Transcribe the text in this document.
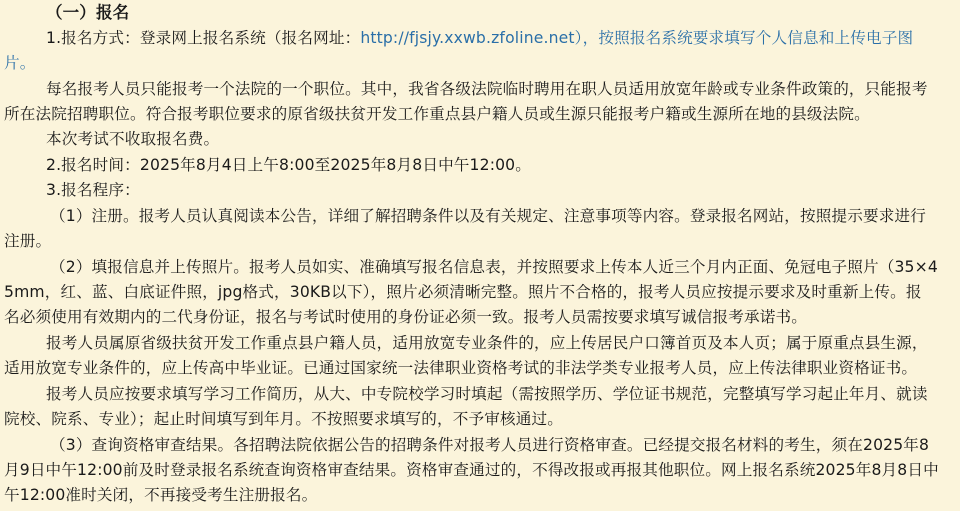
（一）报名
1.报名方式：登录网上报名系统（报名网址：http://fjsjy.xxwb.zfoline.net），按照报名系统要求填写个人信息和上传电子图
片。
每名报考人员只能报考一个法院的一个职位。其中，我省各级法院临时聘用在职人员适用放宽年龄或专业条件政策的，只能报考
所在法院招聘职位。符合报考职位要求的原省级扶贫开发工作重点县户籍人员或生源只能报考户籍或生源所在地的县级法院。
本次考试不收取报名费。
2.报名时间：2025年8月4日上午8:00至2025年8月8日中午12:00。
3.报名程序：
（1）注册。报考人员认真阅读本公告，详细了解招聘条件以及有关规定、注意事项等内容。登录报名网站，按照提示要求进行
注册。
（2）填报信息并上传照片。报考人员如实、准确填写报名信息表，并按照要求上传本人近三个月内正面、免冠电子照片（35×4
5mm，红、蓝、白底证件照，jpg格式，30KB以下），照片必须清晰完整。照片不合格的，报考人员应按提示要求及时重新上传。报
名必须使用有效期内的二代身份证，报名与考试时使用的身份证必须一致。报考人员需按要求填写诚信报考承诺书。
报考人员属原省级扶贫开发工作重点县户籍人员，适用放宽专业条件的，应上传居民户口簿首页及本人页；属于原重点县生源，
适用放宽专业条件的，应上传高中毕业证。已通过国家统一法律职业资格考试的非法学类专业报考人员，应上传法律职业资格证书。
报考人员应按要求填写学习工作简历，从大、中专院校学习时填起（需按照学历、学位证书规范，完整填写学习起止年月、就读
院校、院系、专业）；起止时间填写到年月。不按照要求填写的，不予审核通过。
（3）查询资格审查结果。各招聘法院依据公告的招聘条件对报考人员进行资格审查。已经提交报名材料的考生，须在2025年8
月9日中午12:00前及时登录报名系统查询资格审查结果。资格审查通过的，不得改报或再报其他职位。网上报名系统2025年8月8日中
午12:00准时关闭，不再接受考生注册报名。
